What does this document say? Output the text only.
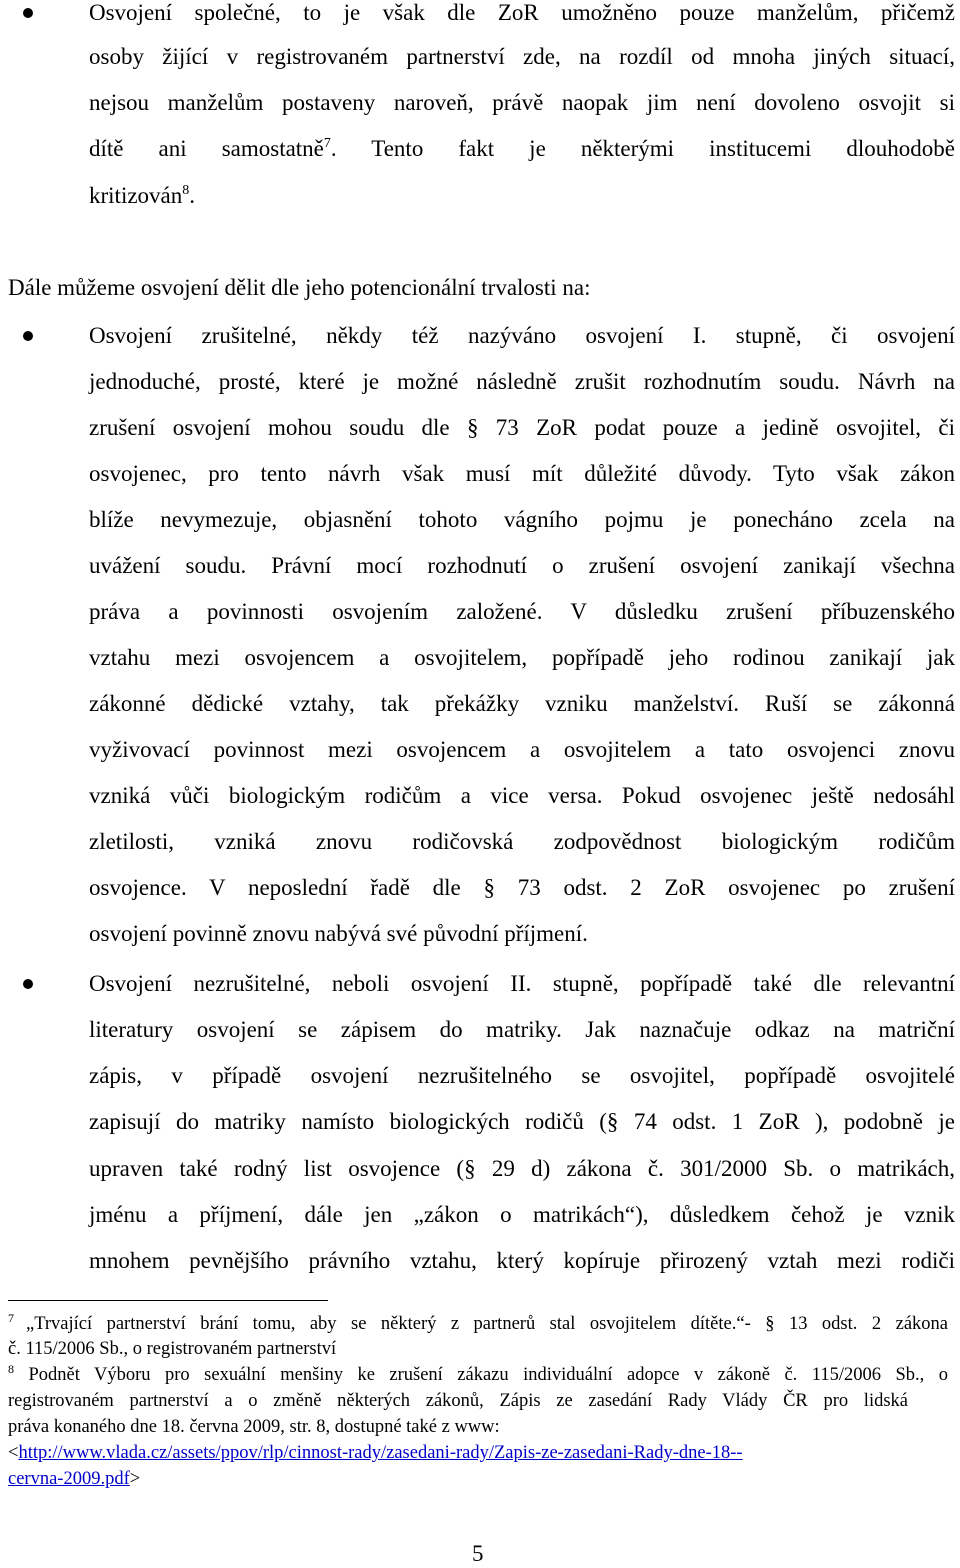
Osvojení společné, to je však dle ZoR umožněno pouze manželům, přičemž
osoby žijící v registrovaném partnerství zde, na rozdíl od mnoha jiných situací,
nejsou manželům postaveny naroveň, právě naopak jim není dovoleno osvojit si
dítě ani samostatně$^7$. Tento fakt je některými institucemi dlouhodobě
kritizován$^8$.
Dále můžeme osvojení dělit dle jeho potencionální trvalosti na:
Osvojení zrušitelné, někdy též nazýváno osvojení I. stupně, či osvojení
jednoduché, prosté, které je možné následně zrušit rozhodnutím soudu. Návrh na
zrušení osvojení mohou soudu dle § 73 ZoR podat pouze a jedině osvojitel, či
osvojenec, pro tento návrh však musí mít důležité důvody. Tyto však zákon
blíže nevymezuje, objasnění tohoto vágního pojmu je ponecháno zcela na
uvážení soudu. Právní mocí rozhodnutí o zrušení osvojení zanikají všechna
práva a povinnosti osvojením založené. V důsledku zrušení příbuzenského
vztahu mezi osvojencem a osvojitelem, popřípadě jeho rodinou zanikají jak
zákonné dědické vztahy, tak překážky vzniku manželství. Ruší se zákonná
vyživovací povinnost mezi osvojencem a osvojitelem a tato osvojenci znovu
vzniká vůči biologickým rodičům a vice versa. Pokud osvojenec ještě nedosáhl
zletilosti, vzniká znovu rodičovská zodpovědnost biologickým rodičům
osvojence. V neposlední řadě dle § 73 odst. 2 ZoR osvojenec po zrušení
osvojení povinně znovu nabývá své původní příjmení.
Osvojení nezrušitelné, neboli osvojení II. stupně, popřípadě také dle relevantní
literatury osvojení se zápisem do matriky. Jak naznačuje odkaz na matriční
zápis, v případě osvojení nezrušitelného se osvojitel, popřípadě osvojitelé
zapisují do matriky namísto biologických rodičů (§ 74 odst. 1 ZoR ), podobně je
upraven také rodný list osvojence (§ 29 d) zákona č. 301/2000 Sb. o matrikách,
jménu a příjmení, dále jen „zákon o matrikách“), důsledkem čehož je vznik
mnohem pevnějšího právního vztahu, který kopíruje přirozený vztah mezi rodiči
$^7$ „Trvající partnerství brání tomu, aby se některý z partnerů stal osvojitelem dítěte.“- § 13 odst. 2 zákona
č. 115/2006 Sb., o registrovaném partnerství
$^8$ Podnět Výboru pro sexuální menšiny ke zrušení zákazu individuální adopce v zákoně č. 115/2006 Sb., o
registrovaném partnerství a o změně některých zákonů, Zápis ze zasedání Rady Vlády ČR pro lidská
práva konaného dne 18. června 2009, str. 8, dostupné také z www:
<http://www.vlada.cz/assets/ppov/rlp/cinnost-rady/zasedani-rady/Zapis-ze-zasedani-Rady-dne-18--
cervna-2009.pdf>
5
